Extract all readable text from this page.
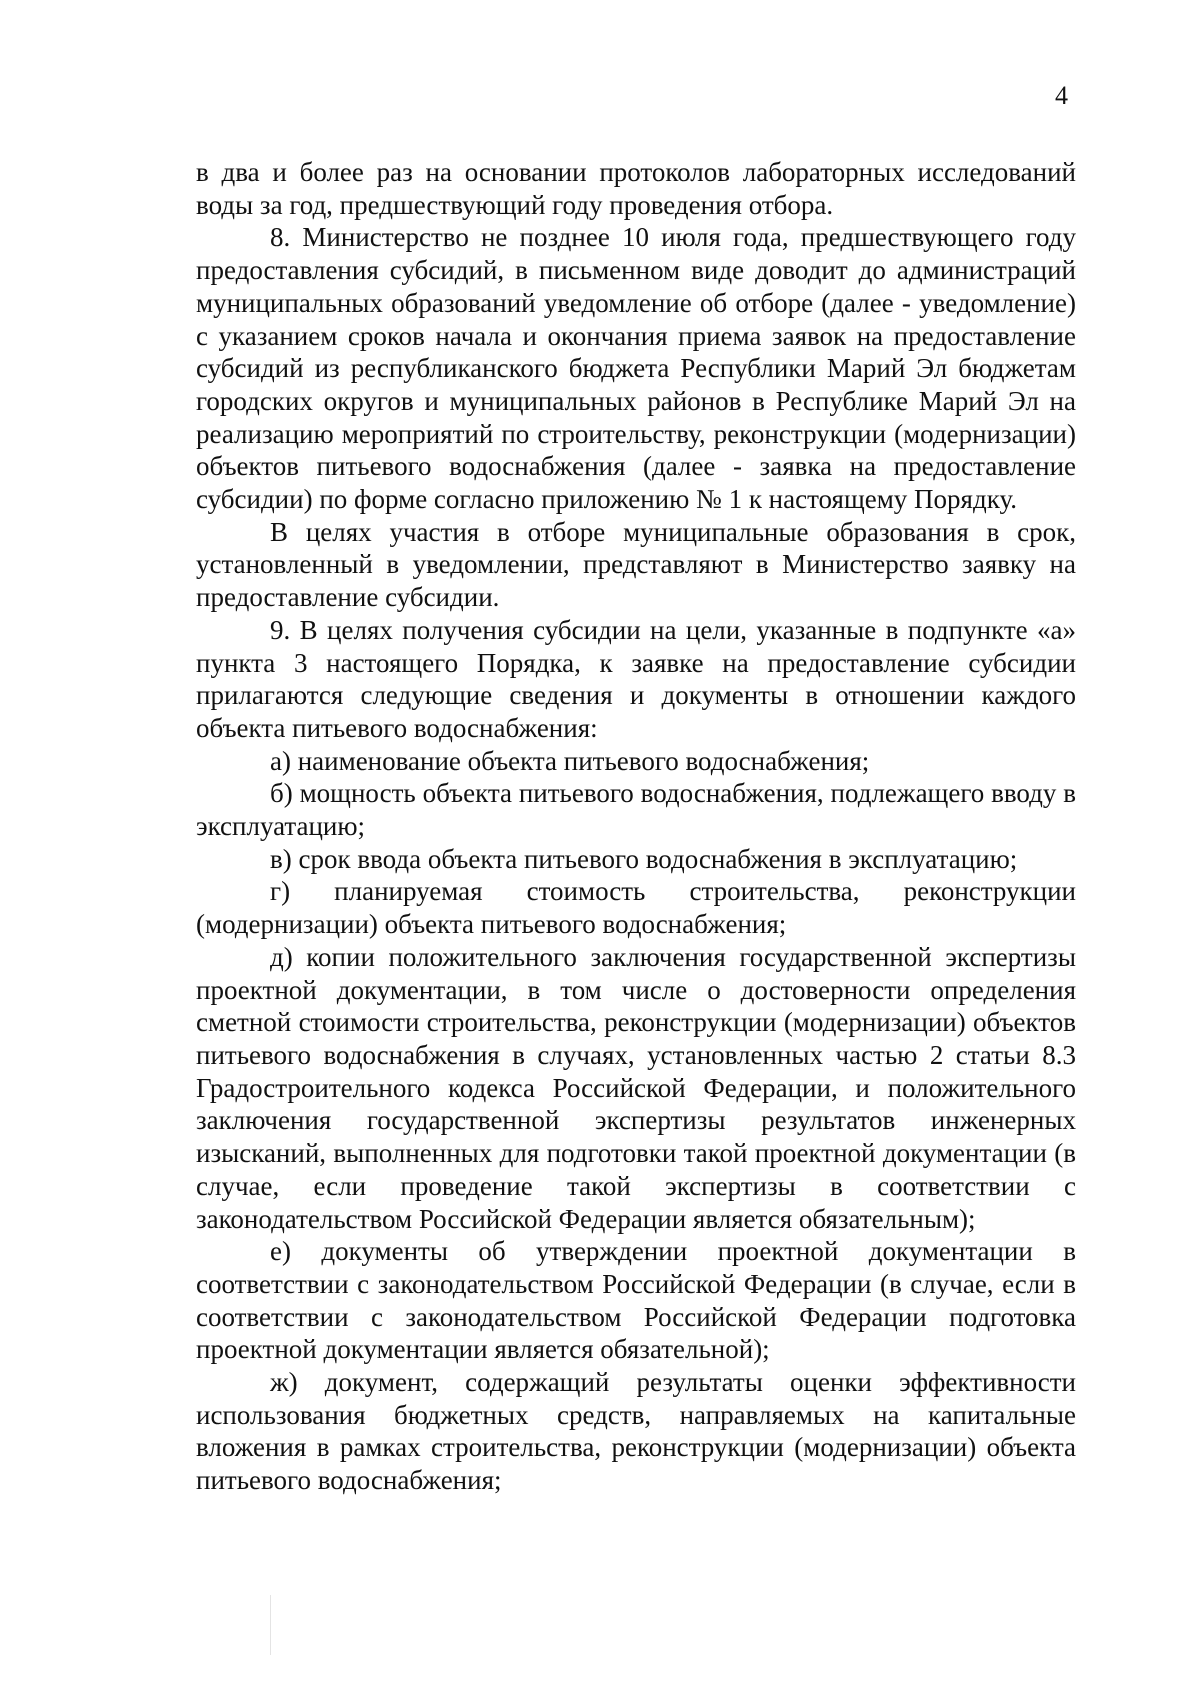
4

в два и более раз на основании протоколов лабораторных исследований воды за год, предшествующий году проведения отбора.

8. Министерство не позднее 10 июля года, предшествующего году предоставления субсидий, в письменном виде доводит до администраций муниципальных образований уведомление об отборе (далее - уведомление) с указанием сроков начала и окончания приема заявок на предоставление субсидий из республиканского бюджета Республики Марий Эл бюджетам городских округов и муниципальных районов в Республике Марий Эл на реализацию мероприятий по строительству, реконструкции (модернизации) объектов питьевого водоснабжения (далее - заявка на предоставление субсидии) по форме согласно приложению № 1 к настоящему Порядку.

В целях участия в отборе муниципальные образования в срок, установленный в уведомлении, представляют в Министерство заявку на предоставление субсидии.

9. В целях получения субсидии на цели, указанные в подпункте «а» пункта 3 настоящего Порядка, к заявке на предоставление субсидии прилагаются следующие сведения и документы в отношении каждого объекта питьевого водоснабжения:

а) наименование объекта питьевого водоснабжения;

б) мощность объекта питьевого водоснабжения, подлежащего вводу в эксплуатацию;

в) срок ввода объекта питьевого водоснабжения в эксплуатацию;

г) планируемая стоимость строительства, реконструкции (модернизации) объекта питьевого водоснабжения;

д) копии положительного заключения государственной экспертизы проектной документации, в том числе о достоверности определения сметной стоимости строительства, реконструкции (модернизации) объектов питьевого водоснабжения в случаях, установленных частью 2 статьи 8.3 Градостроительного кодекса Российской Федерации, и положительного заключения государственной экспертизы результатов инженерных изысканий, выполненных для подготовки такой проектной документации (в случае, если проведение такой экспертизы в соответствии с законодательством Российской Федерации является обязательным);

е) документы об утверждении проектной документации в соответствии с законодательством Российской Федерации (в случае, если в соответствии с законодательством Российской Федерации подготовка проектной документации является обязательной);

ж) документ, содержащий результаты оценки эффективности использования бюджетных средств, направляемых на капитальные вложения в рамках строительства, реконструкции (модернизации) объекта питьевого водоснабжения;
